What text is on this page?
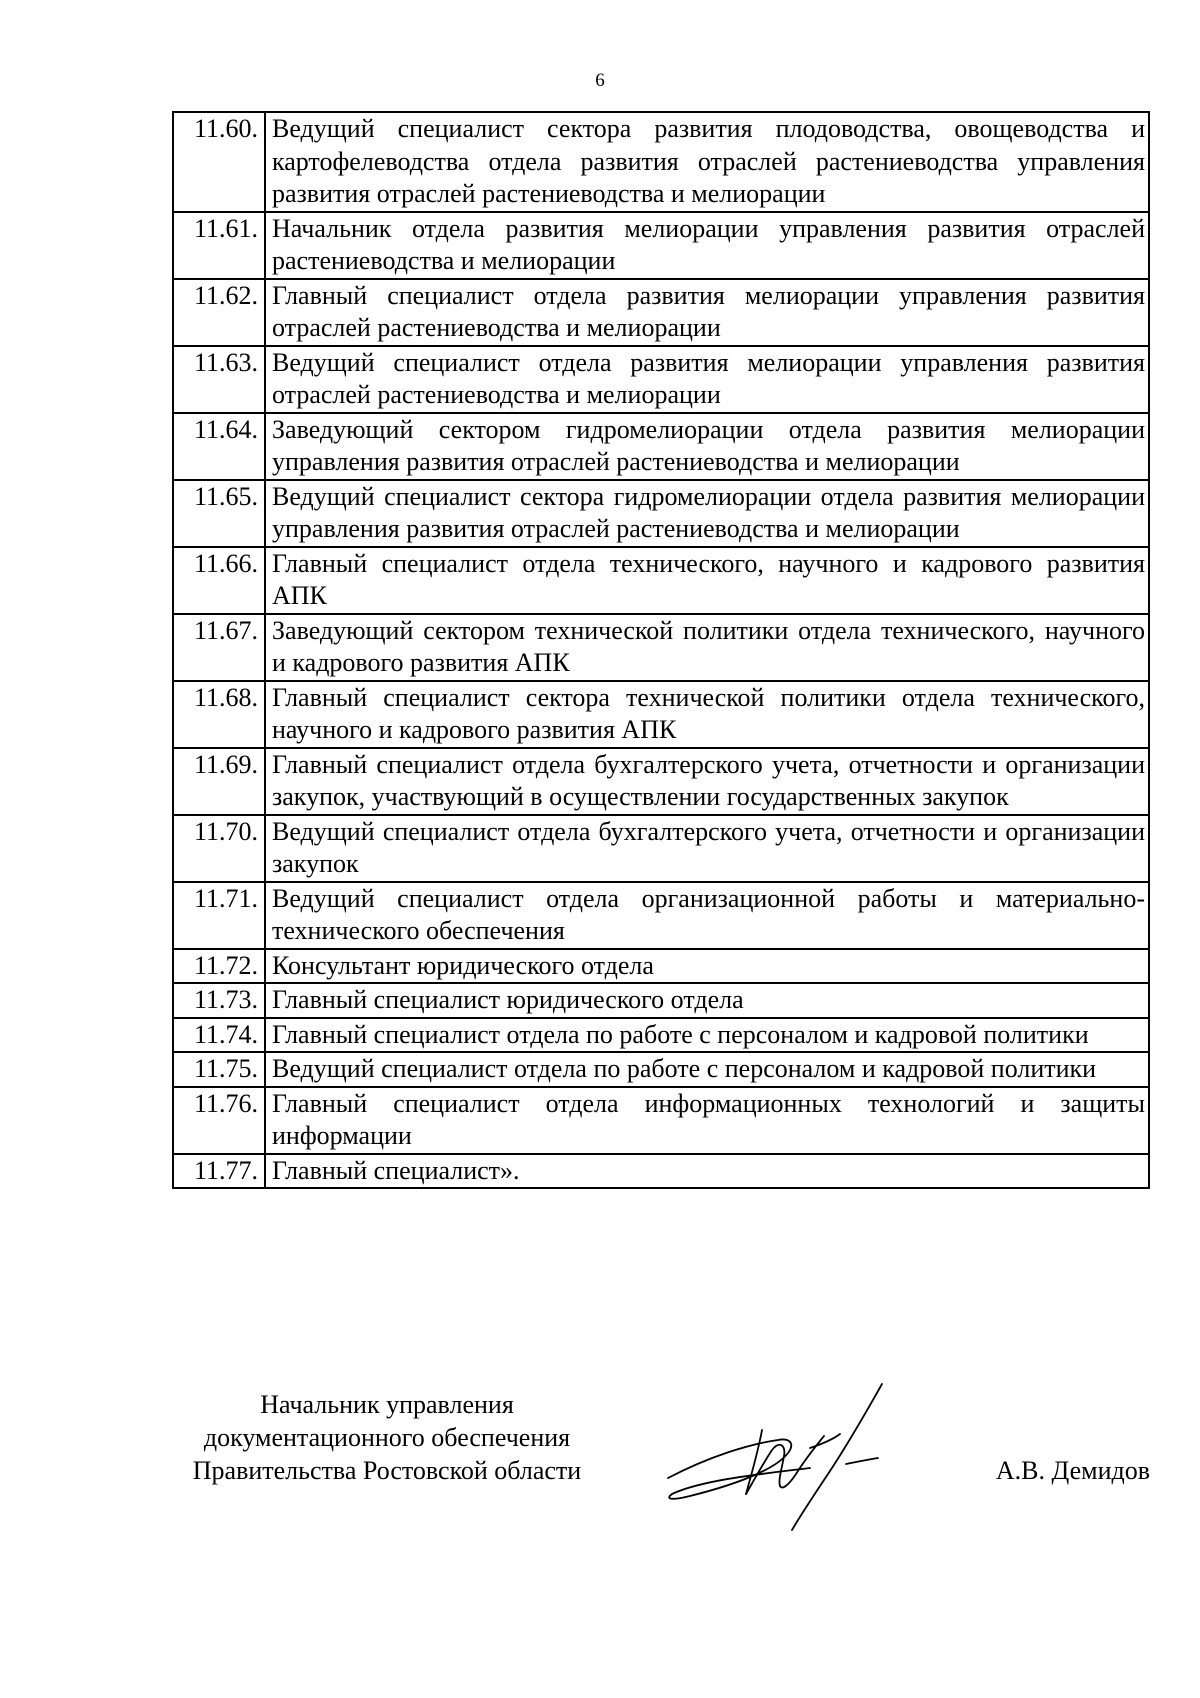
6
11.60.	Ведущий специалист сектора развития плодоводства, овощеводства и картофелеводства отдела развития отраслей растениеводства управления развития отраслей растениеводства и мелиорации
11.61.	Начальник отдела развития мелиорации управления развития отраслей растениеводства и мелиорации
11.62.	Главный специалист отдела развития мелиорации управления развития отраслей растениеводства и мелиорации
11.63.	Ведущий специалист отдела развития мелиорации управления развития отраслей растениеводства и мелиорации
11.64.	Заведующий сектором гидромелиорации отдела развития мелиорации управления развития отраслей растениеводства и мелиорации
11.65.	Ведущий специалист сектора гидромелиорации отдела развития мелиорации управления развития отраслей растениеводства и мелиорации
11.66.	Главный специалист отдела технического, научного и кадрового развития АПК
11.67.	Заведующий сектором технической политики отдела технического, научного и кадрового развития АПК
11.68.	Главный специалист сектора технической политики отдела технического, научного и кадрового развития АПК
11.69.	Главный специалист отдела бухгалтерского учета, отчетности и организации закупок, участвующий в осуществлении государственных закупок
11.70.	Ведущий специалист отдела бухгалтерского учета, отчетности и организации закупок
11.71.	Ведущий специалист отдела организационной работы и материально-технического обеспечения
11.72.	Консультант юридического отдела
11.73.	Главный специалист юридического отдела
11.74.	Главный специалист отдела по работе с персоналом и кадровой политики
11.75.	Ведущий специалист отдела по работе с персоналом и кадровой политики
11.76.	Главный специалист отдела информационных технологий и защиты информации
11.77.	Главный специалист».
Начальник управления
документационного обеспечения
Правительства Ростовской области	А.В. Демидов
